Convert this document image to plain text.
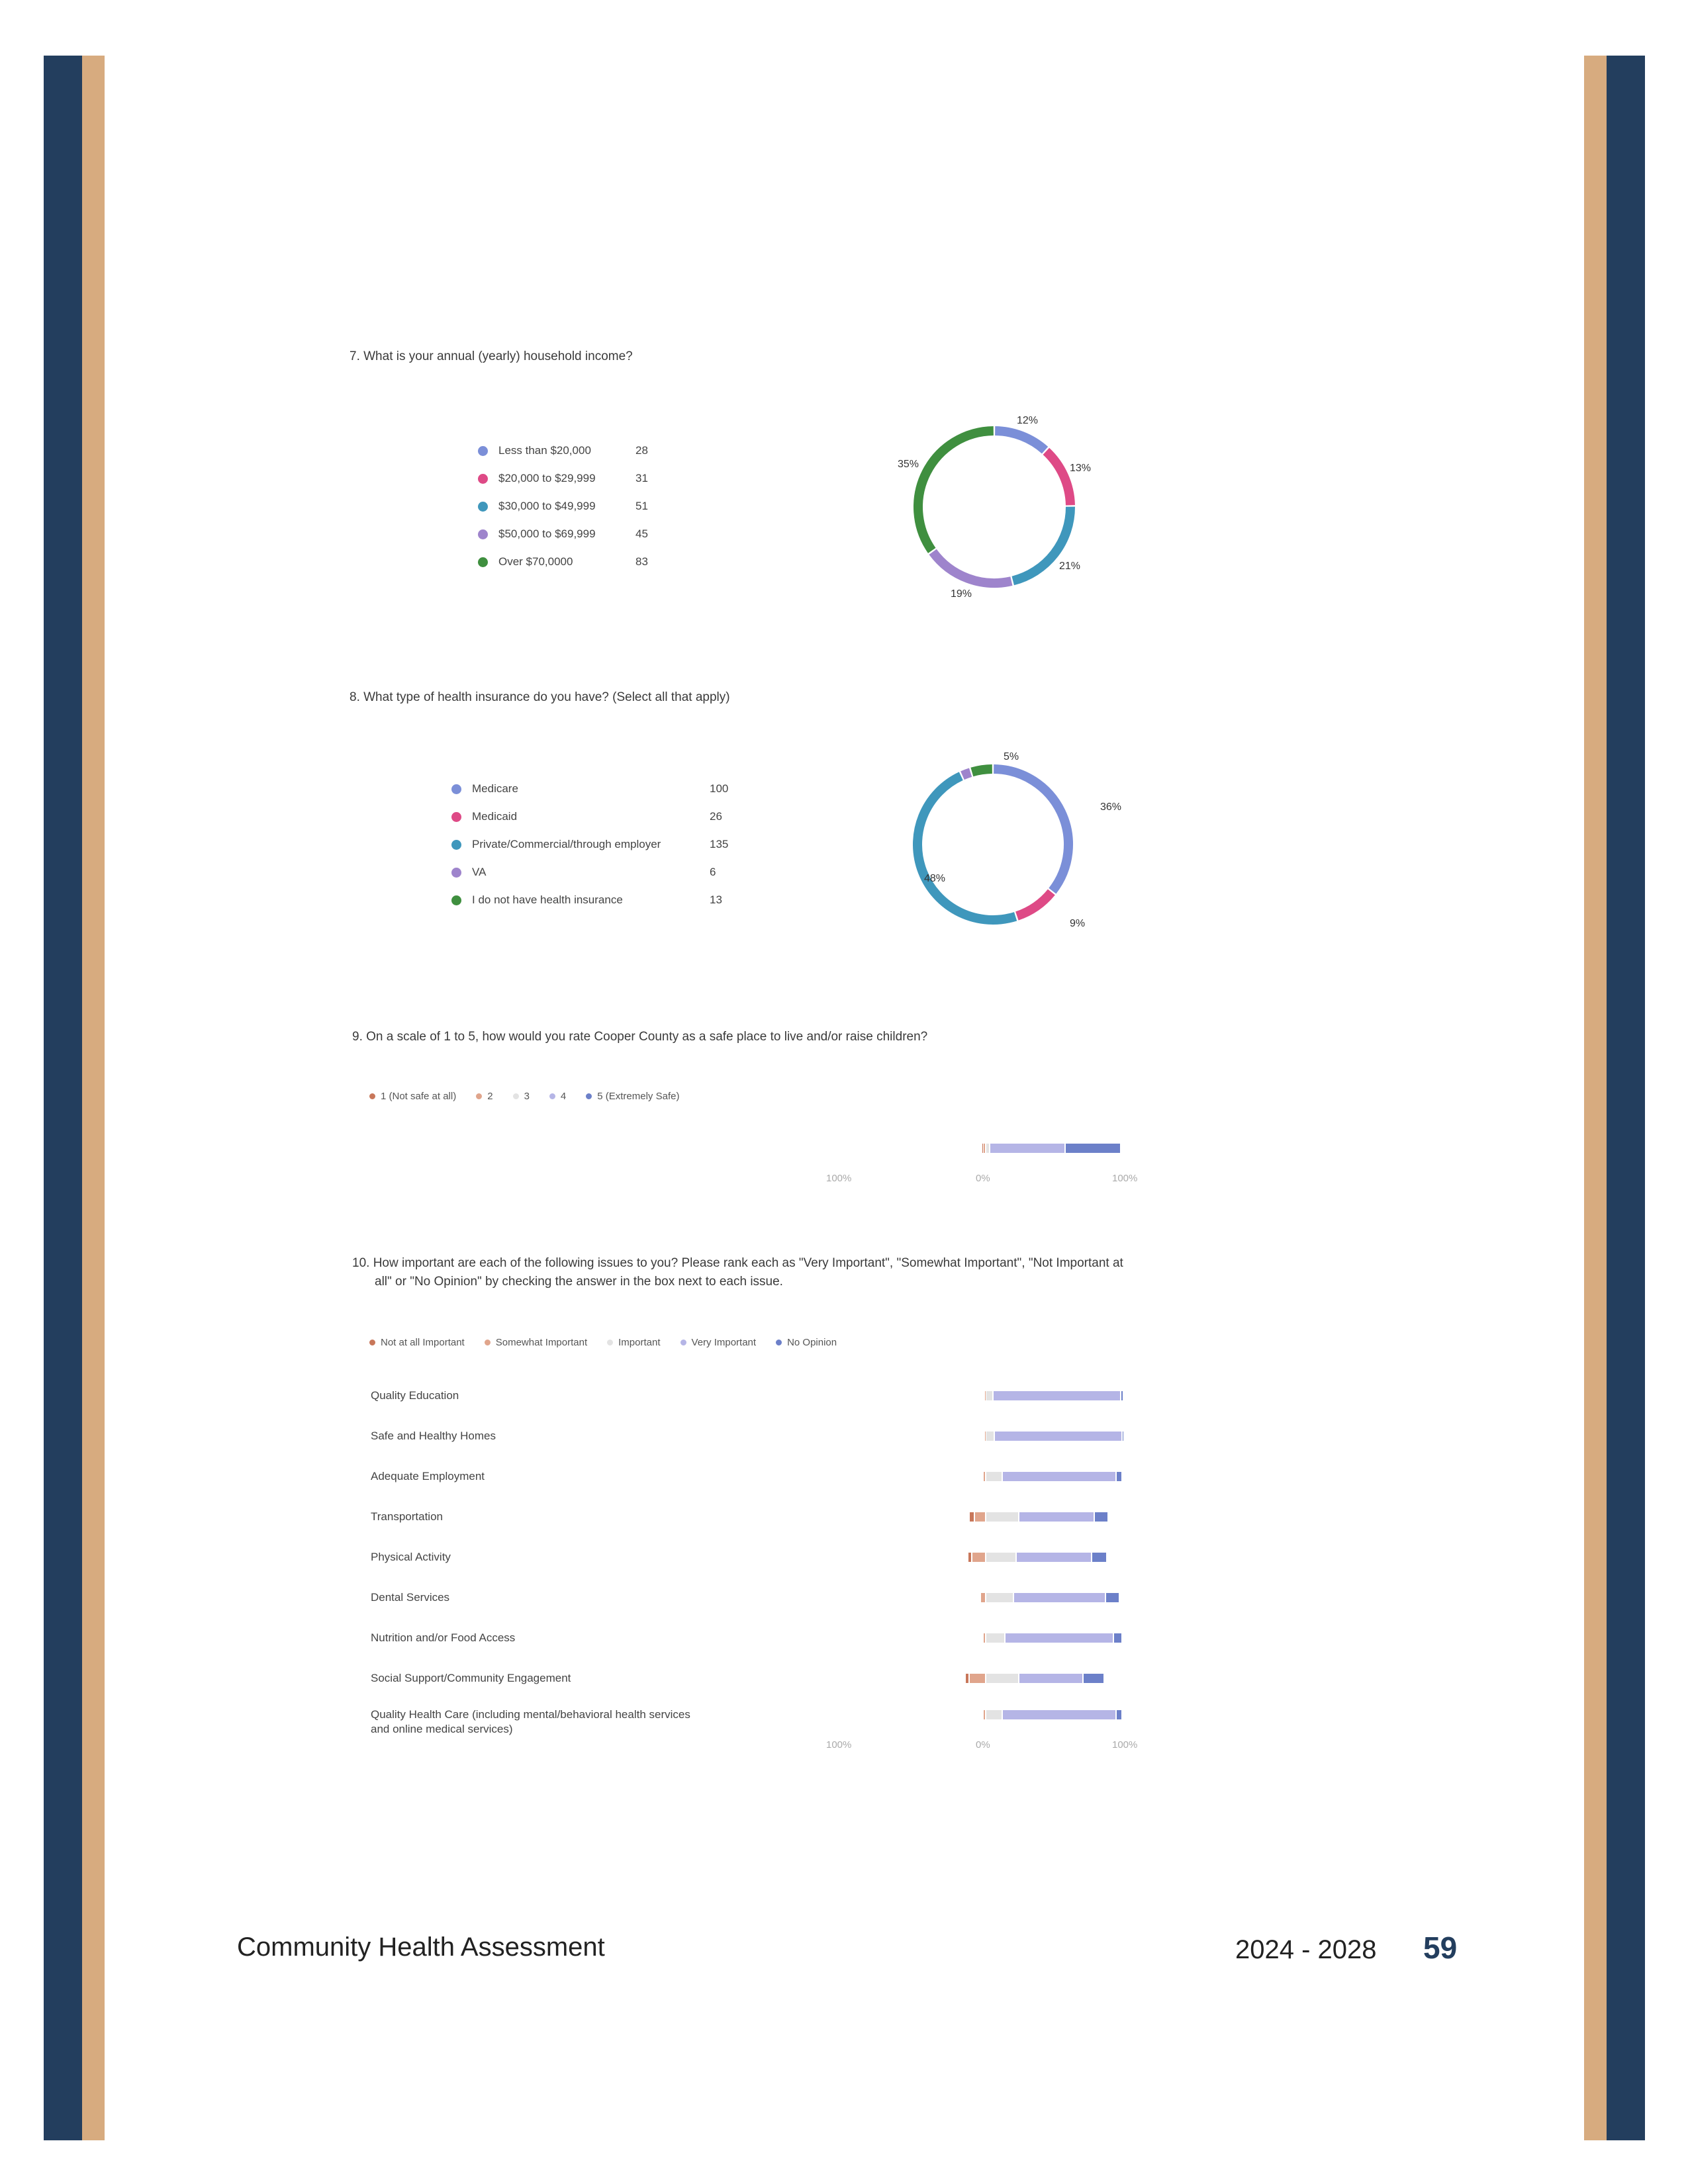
7. What is your annual (yearly) household income?
Less than $20,000	28
$20,000 to $29,999	31
$30,000 to $49,999	51
$50,000 to $69,999	45
Over $70,0000	83
12%
13%
21%
19%
35%
8. What type of health insurance do you have? (Select all that apply)
Medicare	100
Medicaid	26
Private/Commercial/through employer	135
VA	6
I do not have health insurance	13
36%
9%
48%
5%
9. On a scale of 1 to 5, how would you rate Cooper County as a safe place to live and/or raise children?
1 (Not safe at all)	2	3	4	5 (Extremely Safe)
100%	0%	100%
10. How important are each of the following issues to you? Please rank each as "Very Important", "Somewhat Important", "Not Important at
all" or "No Opinion" by checking the answer in the box next to each issue.
Not at all Important	Somewhat Important	Important	Very Important	No Opinion
Quality Education
Safe and Healthy Homes
Adequate Employment
Transportation
Physical Activity
Dental Services
Nutrition and/or Food Access
Social Support/Community Engagement
Quality Health Care (including mental/behavioral health services
and online medical services)
100%	0%	100%
Community Health Assessment	2024 - 2028 59
